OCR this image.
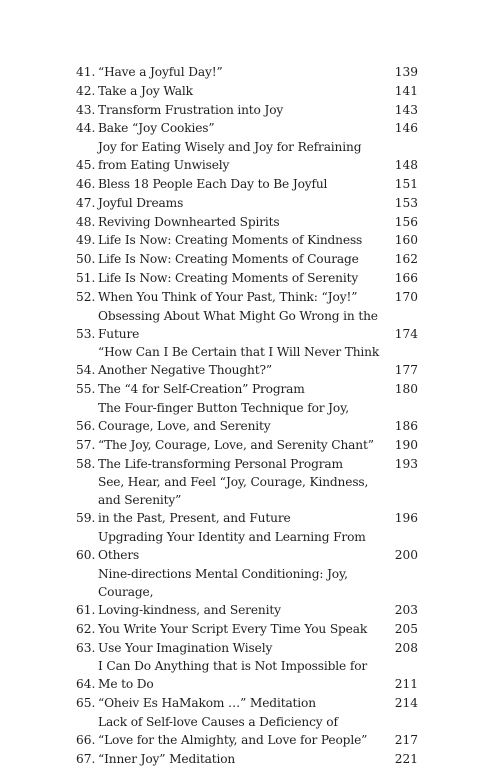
41. “Have a Joyful Day!”	139
42. Take a Joy Walk	141
43. Transform Frustration into Joy	143
44. Bake “Joy Cookies”	146
45.
Joy for Eating Wisely and Joy for Refraining
from Eating Unwisely	148
46. Bless 18 People Each Day to Be Joyful	151
47. Joyful Dreams	153
48. Reviving Downhearted Spirits	156
49. Life Is Now: Creating Moments of Kindness	160
50. Life Is Now: Creating Moments of Courage	162
51. Life Is Now: Creating Moments of Serenity	166
52. When You Think of Your Past, Think: “Joy!”	170
53.
Obsessing About What Might Go Wrong in the Future	174
54.
“How Can I Be Certain that I Will Never Think
Another Negative Thought?”	177
55. The “4 for Self-Creation” Program	180
56.
The Four-finger Button Technique for Joy,
Courage, Love, and Serenity	186
57. “The Joy, Courage, Love, and Serenity Chant”	190
58. The Life-transforming Personal Program	193
59.
See, Hear, and Feel “Joy, Courage, Kindness, and Serenity”
in the Past, Present, and Future	196
60.
Upgrading Your Identity and Learning From Others	200
61.
Nine-directions Mental Conditioning: Joy, Courage,
Loving-kindness, and Serenity	203
62. You Write Your Script Every Time You Speak	205
63. Use Your Imagination Wisely	208
64.
I Can Do Anything that is Not Impossible for Me to Do	211
65. “Oheiv Es HaMakom …” Meditation	214
66.
Lack of Self-love Causes a Deficiency of
“Love for the Almighty, and Love for People”	217
67. “Inner Joy” Meditation	221
